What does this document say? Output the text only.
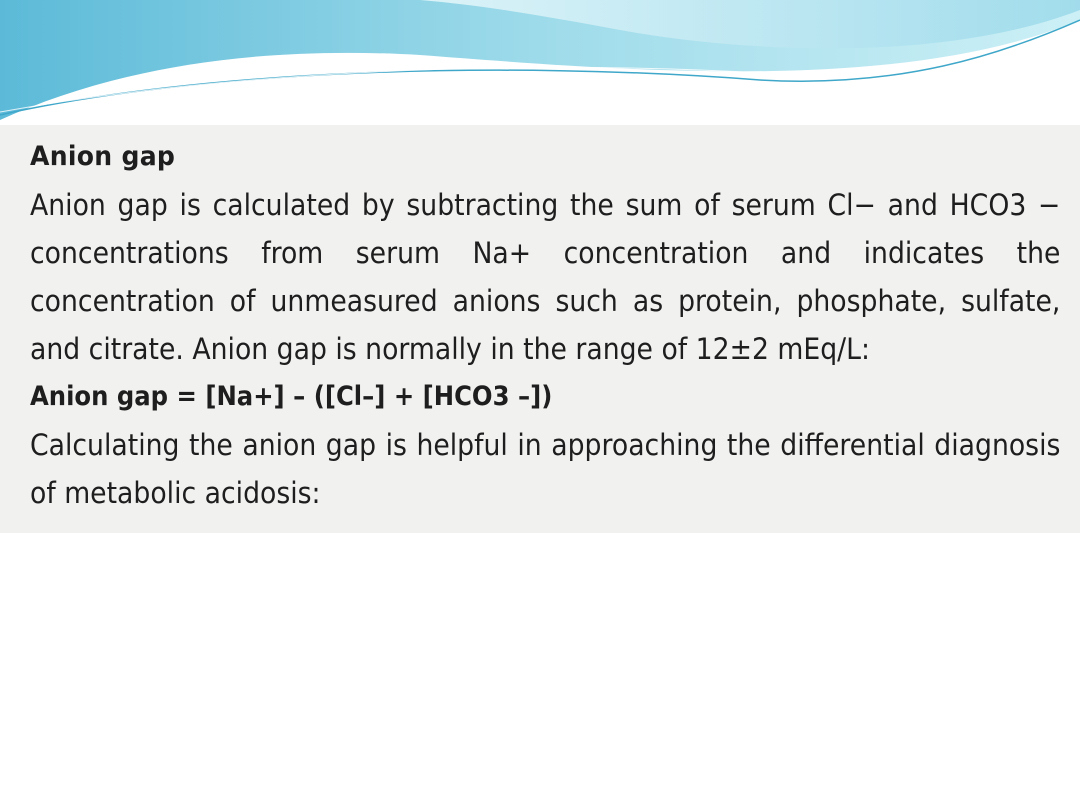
Anion gap
Anion gap is calculated by subtracting the sum of serum Cl− and HCO3 − concentrations from serum Na+ concentration and indicates the concentration of unmeasured anions such as protein, phosphate, sulfate, and citrate. Anion gap is normally in the range of 12±2 mEq/L:
Anion gap = [Na+] – ([Cl–] + [HCO3 –])
Calculating the anion gap is helpful in approaching the differential diagnosis of metabolic acidosis:
